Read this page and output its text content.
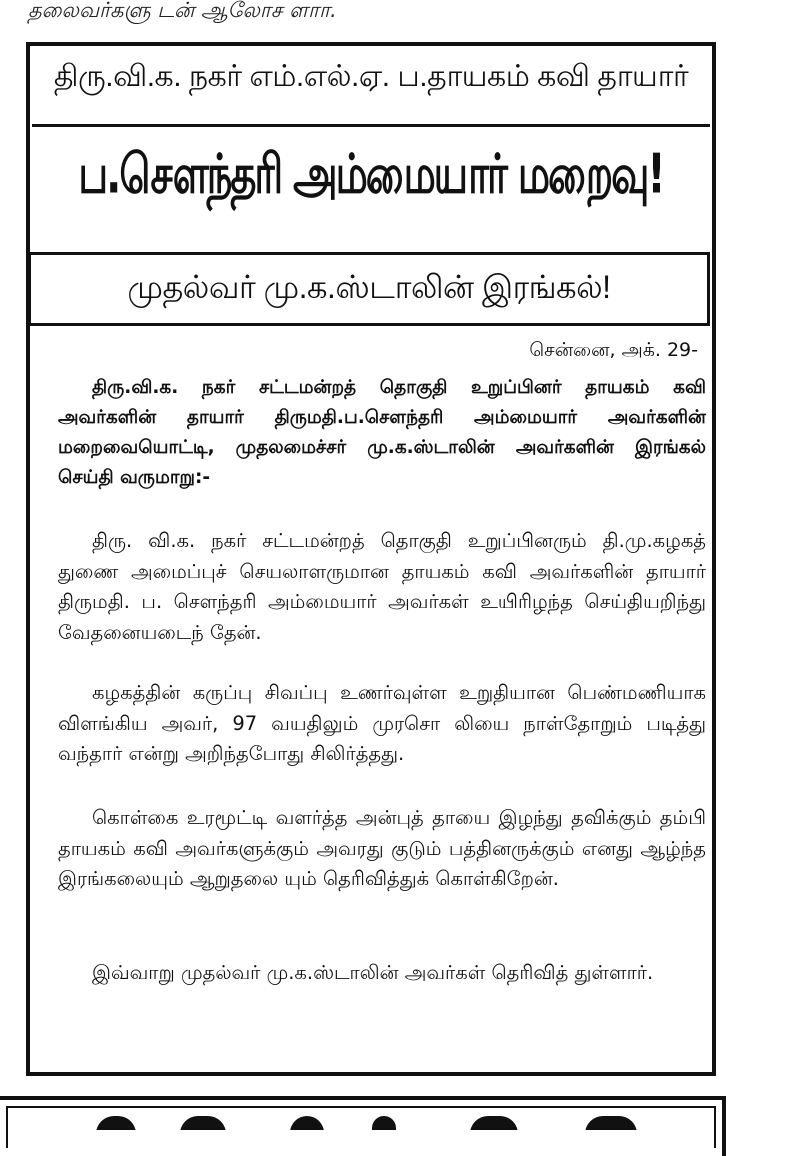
தலைவர்களு டன் ஆலோச ளாா.
திரு.வி.க. நகர் எம்.எல்.ஏ. ப.தாயகம் கவி தாயார்
ப.சௌந்தரி அம்மையார் மறைவு!
முதல்வர் மு.க.ஸ்டாலின் இரங்கல்!
சென்னை, அக். 29-
திரு.வி.க. நகர் சட்டமன்றத் தொகுதி உறுப்பினர் தாயகம் கவி அவர்களின் தாயார் திருமதி.ப.சௌந்தரி அம்மையார் அவர்களின் மறைவையொட்டி, முதலமைச்சர் மு.க.ஸ்டாலின் அவர்களின் இரங்கல் செய்தி வருமாறு:-
திரு. வி.க. நகர் சட்டமன்றத் தொகுதி உறுப்பினரும் தி.மு.கழகத் துணை அமைப்புச் செயலாளருமான தாயகம் கவி அவர்களின் தாயார் திருமதி. ப. சௌந்தரி அம்மையார் அவர்கள் உயிரிழந்த செய்தியறிந்து வேதனையடைந் தேன்.
கழகத்தின் கருப்பு சிவப்பு உணர்வுள்ள உறுதியான பெண்மணியாக விளங்கிய அவர், 97 வயதிலும் முரசொ லியை நாள்தோறும் படித்து வந்தார் என்று அறிந்தபோது சிலிர்த்தது.
கொள்கை உரமூட்டி வளர்த்த அன்புத் தாயை இழந்து தவிக்கும் தம்பி தாயகம் கவி அவர்களுக்கும் அவரது குடும் பத்தினருக்கும் எனது ஆழ்ந்த இரங்கலையும் ஆறுதலை யும் தெரிவித்துக் கொள்கிறேன்.
இவ்வாறு முதல்வர் மு.க.ஸ்டாலின் அவர்கள் தெரிவித் துள்ளார்.
